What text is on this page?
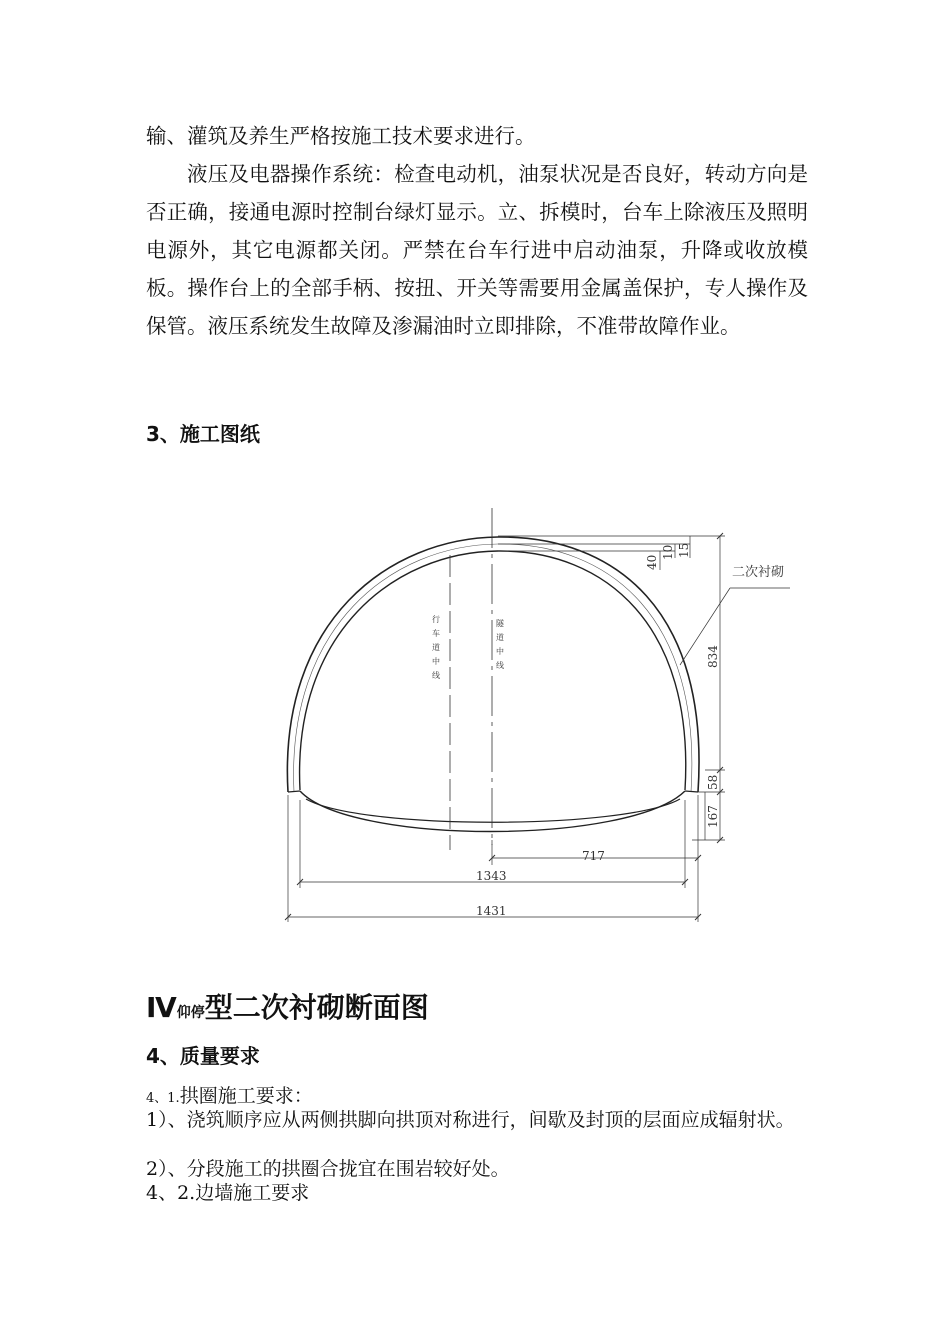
输、灌筑及养生严格按施工技术要求进行。
液压及电器操作系统：检查电动机，油泵状况是否良好，转动方向是否正确，接通电源时控制台绿灯显示。立、拆模时，台车上除液压及照明电源外，其它电源都关闭。严禁在台车行进中启动油泵，升降或收放模板。操作台上的全部手柄、按扭、开关等需要用金属盖保护，专人操作及保管。液压系统发生故障及渗漏油时立即排除，不准带故障作业。
3、施工图纸
行
车
道
中
线
隧
道
中
线
40
10 15
834
58
167
717
1343
1431
二次衬砌
Ⅳ仰停型二次衬砌断面图
4、质量要求
4、1.拱圈施工要求：
1）、浇筑顺序应从两侧拱脚向拱顶对称进行，间歇及封顶的层面应成辐射状。
2）、分段施工的拱圈合拢宜在围岩较好处。
4、2.边墙施工要求
